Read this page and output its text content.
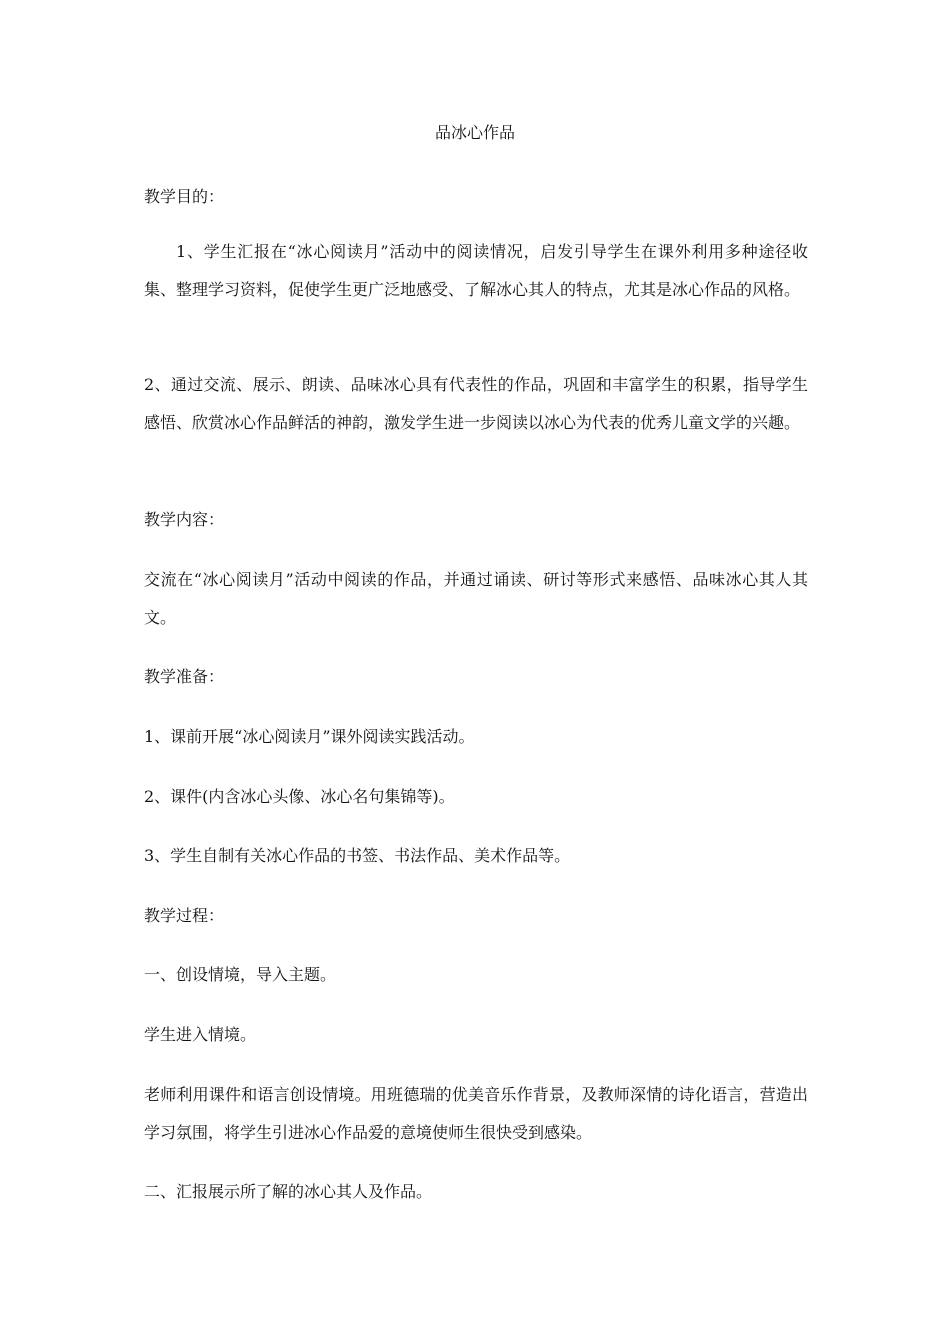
品冰心作品

教学目的：

1、学生汇报在“冰心阅读月”活动中的阅读情况，启发引导学生在课外利用多种途径收集、整理学习资料，促使学生更广泛地感受、了解冰心其人的特点，尤其是冰心作品的风格。

2、通过交流、展示、朗读、品味冰心具有代表性的作品，巩固和丰富学生的积累，指导学生感悟、欣赏冰心作品鲜活的神韵，激发学生进一步阅读以冰心为代表的优秀儿童文学的兴趣。

教学内容：

交流在“冰心阅读月”活动中阅读的作品，并通过诵读、研讨等形式来感悟、品味冰心其人其文。

教学准备：

1、课前开展“冰心阅读月”课外阅读实践活动。

2、课件(内含冰心头像、冰心名句集锦等)。

3、学生自制有关冰心作品的书签、书法作品、美术作品等。

教学过程：

一、创设情境，导入主题。

学生进入情境。

老师利用课件和语言创设情境。用班德瑞的优美音乐作背景，及教师深情的诗化语言，营造出学习氛围，将学生引进冰心作品爱的意境使师生很快受到感染。

二、汇报展示所了解的冰心其人及作品。
